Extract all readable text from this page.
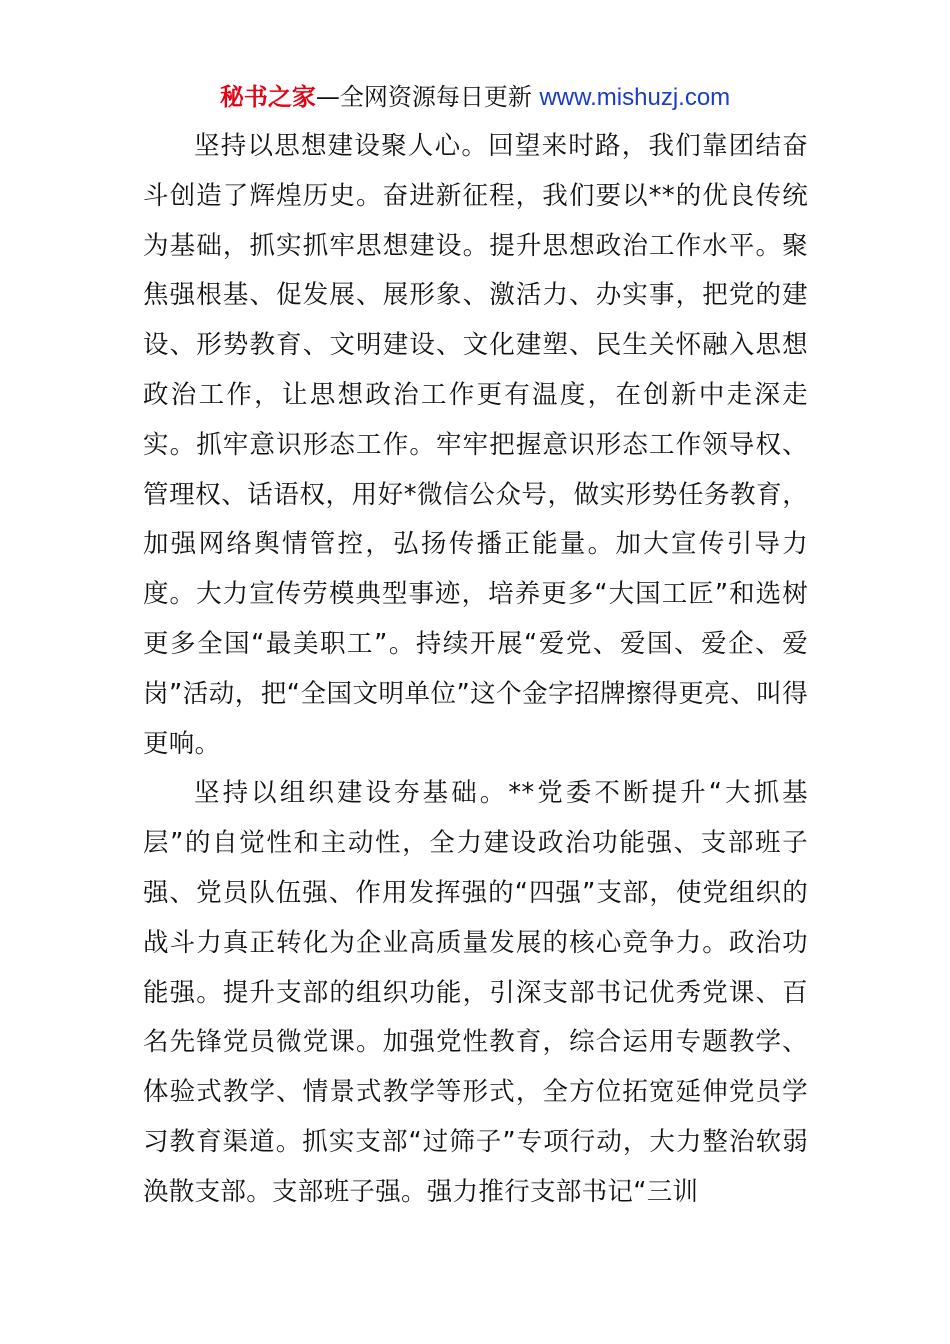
秘书之家—全网资源每日更新 www.mishuzj.com

坚持以思想建设聚人心。回望来时路，我们靠团结奋斗创造了辉煌历史。奋进新征程，我们要以**的优良传统为基础，抓实抓牢思想建设。提升思想政治工作水平。聚焦强根基、促发展、展形象、激活力、办实事，把党的建设、形势教育、文明建设、文化建塑、民生关怀融入思想政治工作，让思想政治工作更有温度，在创新中走深走实。抓牢意识形态工作。牢牢把握意识形态工作领导权、管理权、话语权，用好*微信公众号，做实形势任务教育，加强网络舆情管控，弘扬传播正能量。加大宣传引导力度。大力宣传劳模典型事迹，培养更多“大国工匠”和选树更多全国“最美职工”。持续开展“爱党、爱国、爱企、爱岗”活动，把“全国文明单位”这个金字招牌擦得更亮、叫得更响。

坚持以组织建设夯基础。**党委不断提升“大抓基层”的自觉性和主动性，全力建设政治功能强、支部班子强、党员队伍强、作用发挥强的“四强”支部，使党组织的战斗力真正转化为企业高质量发展的核心竞争力。政治功能强。提升支部的组织功能，引深支部书记优秀党课、百名先锋党员微党课。加强党性教育，综合运用专题教学、体验式教学、情景式教学等形式，全方位拓宽延伸党员学习教育渠道。抓实支部“过筛子”专项行动，大力整治软弱涣散支部。支部班子强。强力推行支部书记“三训
